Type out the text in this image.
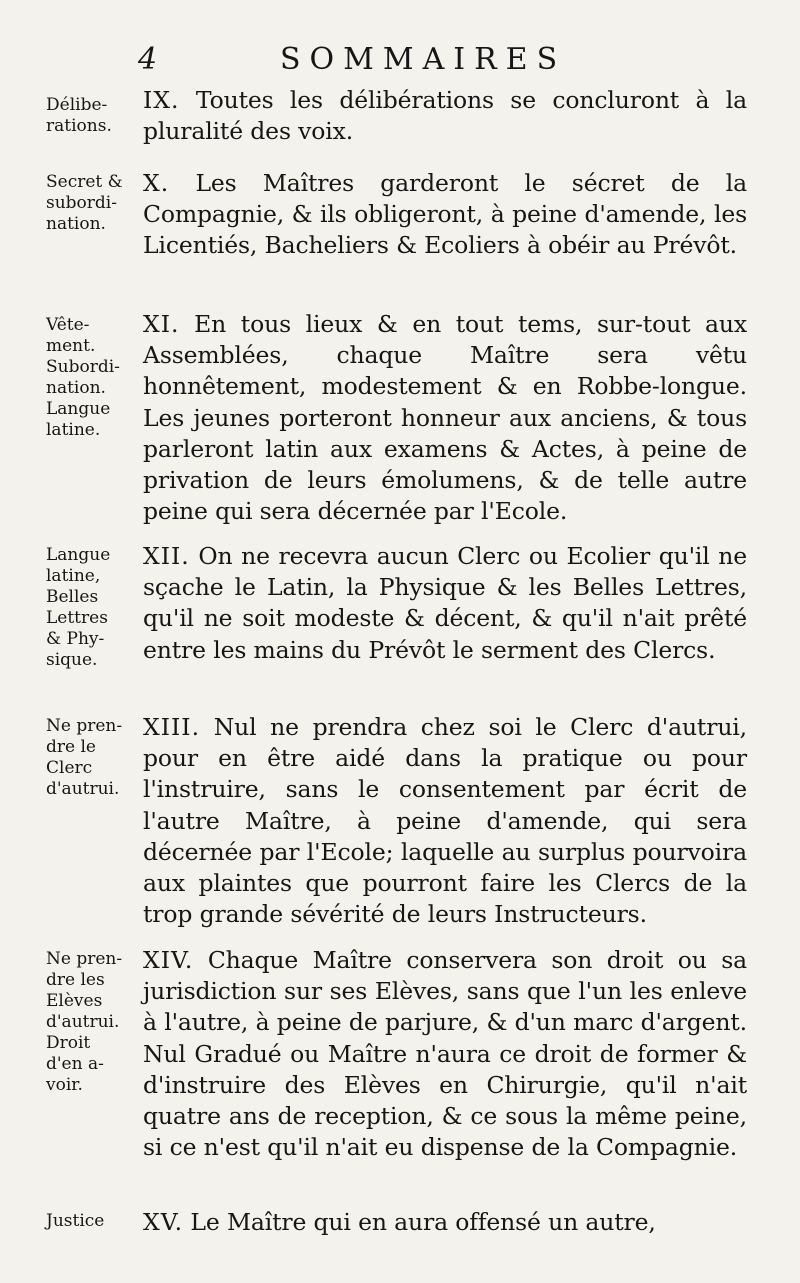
4	SOMMAIRES
Délibe-
rations.
IX. Toutes les délibérations se concluront à la pluralité des voix.
Secret &
subordi-
nation.
X. Les Maîtres garderont le sécret de la Compagnie, & ils obligeront, à peine d'amende, les Licentiés, Bacheliers & Ecoliers à obéir au Prévôt.
Vête-
ment.
Subordi-
nation.
Langue
latine.
XI. En tous lieux & en tout tems, sur-tout aux Assemblées, chaque Maître sera vêtu honnêtement, modestement & en Robbe-longue. Les jeunes porteront honneur aux anciens, & tous parleront latin aux examens & Actes, à peine de privation de leurs émolumens, & de telle autre peine qui sera décernée par l'Ecole.
Langue
latine,
Belles
Lettres
& Phy-
sique.
XII. On ne recevra aucun Clerc ou Ecolier qu'il ne sçache le Latin, la Physique & les Belles Lettres, qu'il ne soit modeste & décent, & qu'il n'ait prêté entre les mains du Prévôt le serment des Clercs.
Ne pren-
dre le
Clerc
d'autrui.
XIII. Nul ne prendra chez soi le Clerc d'autrui, pour en être aidé dans la pratique ou pour l'instruire, sans le consentement par écrit de l'autre Maître, à peine d'amende, qui sera décernée par l'Ecole; laquelle au surplus pourvoira aux plaintes que pourront faire les Clercs de la trop grande sévérité de leurs Instructeurs.
Ne pren-
dre les
Elèves
d'autrui.
Droit
d'en a-
voir.
XIV. Chaque Maître conservera son droit ou sa jurisdiction sur ses Elèves, sans que l'un les enleve à l'autre, à peine de parjure, & d'un marc d'argent. Nul Gradué ou Maître n'aura ce droit de former & d'instruire des Elèves en Chirurgie, qu'il n'ait quatre ans de reception, & ce sous la même peine, si ce n'est qu'il n'ait eu dispense de la Compagnie.
Justice	XV. Le Maître qui en aura offensé un autre,
